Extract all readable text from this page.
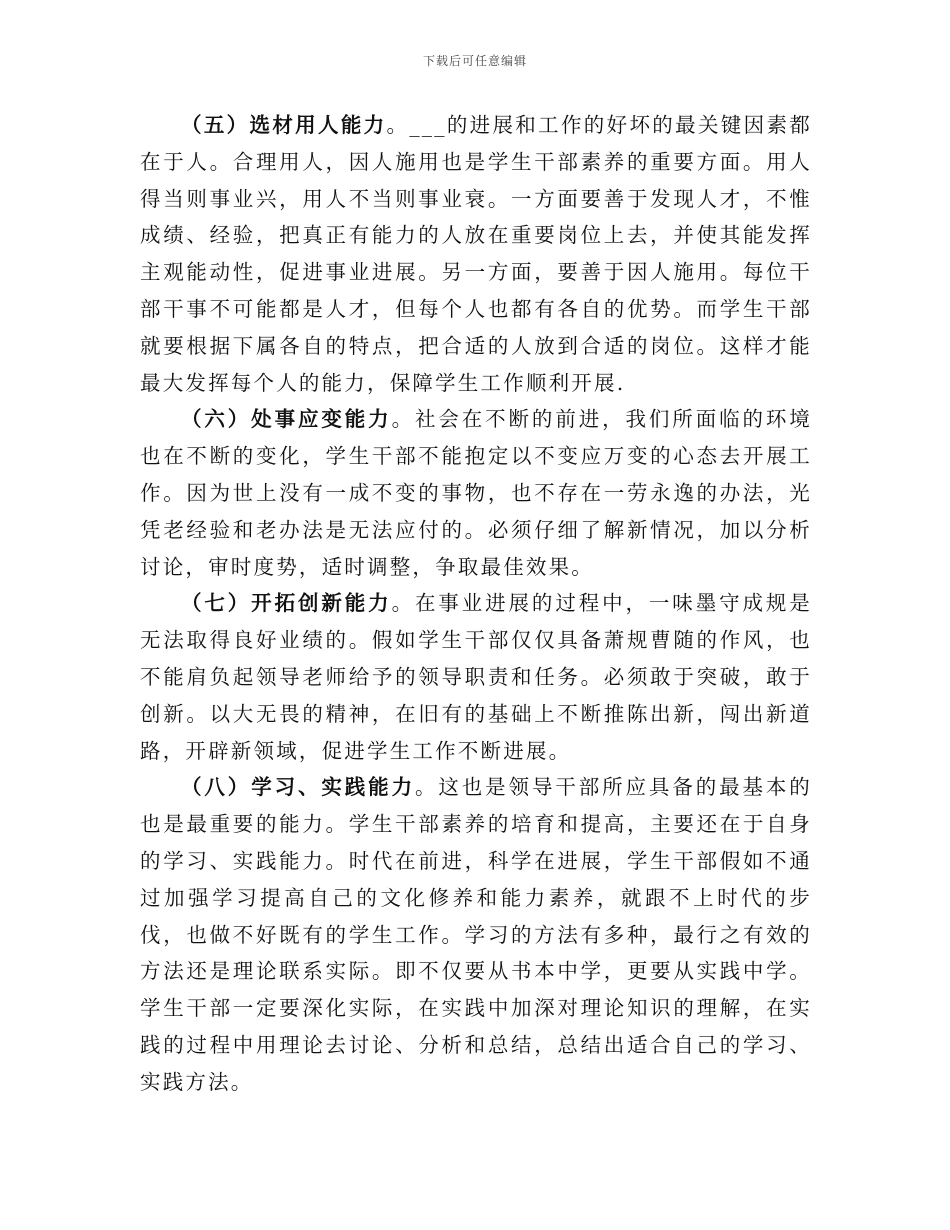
下载后可任意编辑

（五）选材用人能力。___的进展和工作的好坏的最关键因素都在于人。合理用人，因人施用也是学生干部素养的重要方面。用人得当则事业兴，用人不当则事业衰。一方面要善于发现人才，不惟成绩、经验，把真正有能力的人放在重要岗位上去，并使其能发挥主观能动性，促进事业进展。另一方面，要善于因人施用。每位干部干事不可能都是人才，但每个人也都有各自的优势。而学生干部就要根据下属各自的特点，把合适的人放到合适的岗位。这样才能最大发挥每个人的能力，保障学生工作顺利开展.

（六）处事应变能力。社会在不断的前进，我们所面临的环境也在不断的变化，学生干部不能抱定以不变应万变的心态去开展工作。因为世上没有一成不变的事物，也不存在一劳永逸的办法，光凭老经验和老办法是无法应付的。必须仔细了解新情况，加以分析讨论，审时度势，适时调整，争取最佳效果。

（七）开拓创新能力。在事业进展的过程中，一味墨守成规是无法取得良好业绩的。假如学生干部仅仅具备萧规曹随的作风，也不能肩负起领导老师给予的领导职责和任务。必须敢于突破，敢于创新。以大无畏的精神，在旧有的基础上不断推陈出新，闯出新道路，开辟新领域，促进学生工作不断进展。

（八）学习、实践能力。这也是领导干部所应具备的最基本的也是最重要的能力。学生干部素养的培育和提高，主要还在于自身的学习、实践能力。时代在前进，科学在进展，学生干部假如不通过加强学习提高自己的文化修养和能力素养，就跟不上时代的步伐，也做不好既有的学生工作。学习的方法有多种，最行之有效的方法还是理论联系实际。即不仅要从书本中学，更要从实践中学。学生干部一定要深化实际，在实践中加深对理论知识的理解，在实践的过程中用理论去讨论、分析和总结，总结出适合自己的学习、实践方法。
